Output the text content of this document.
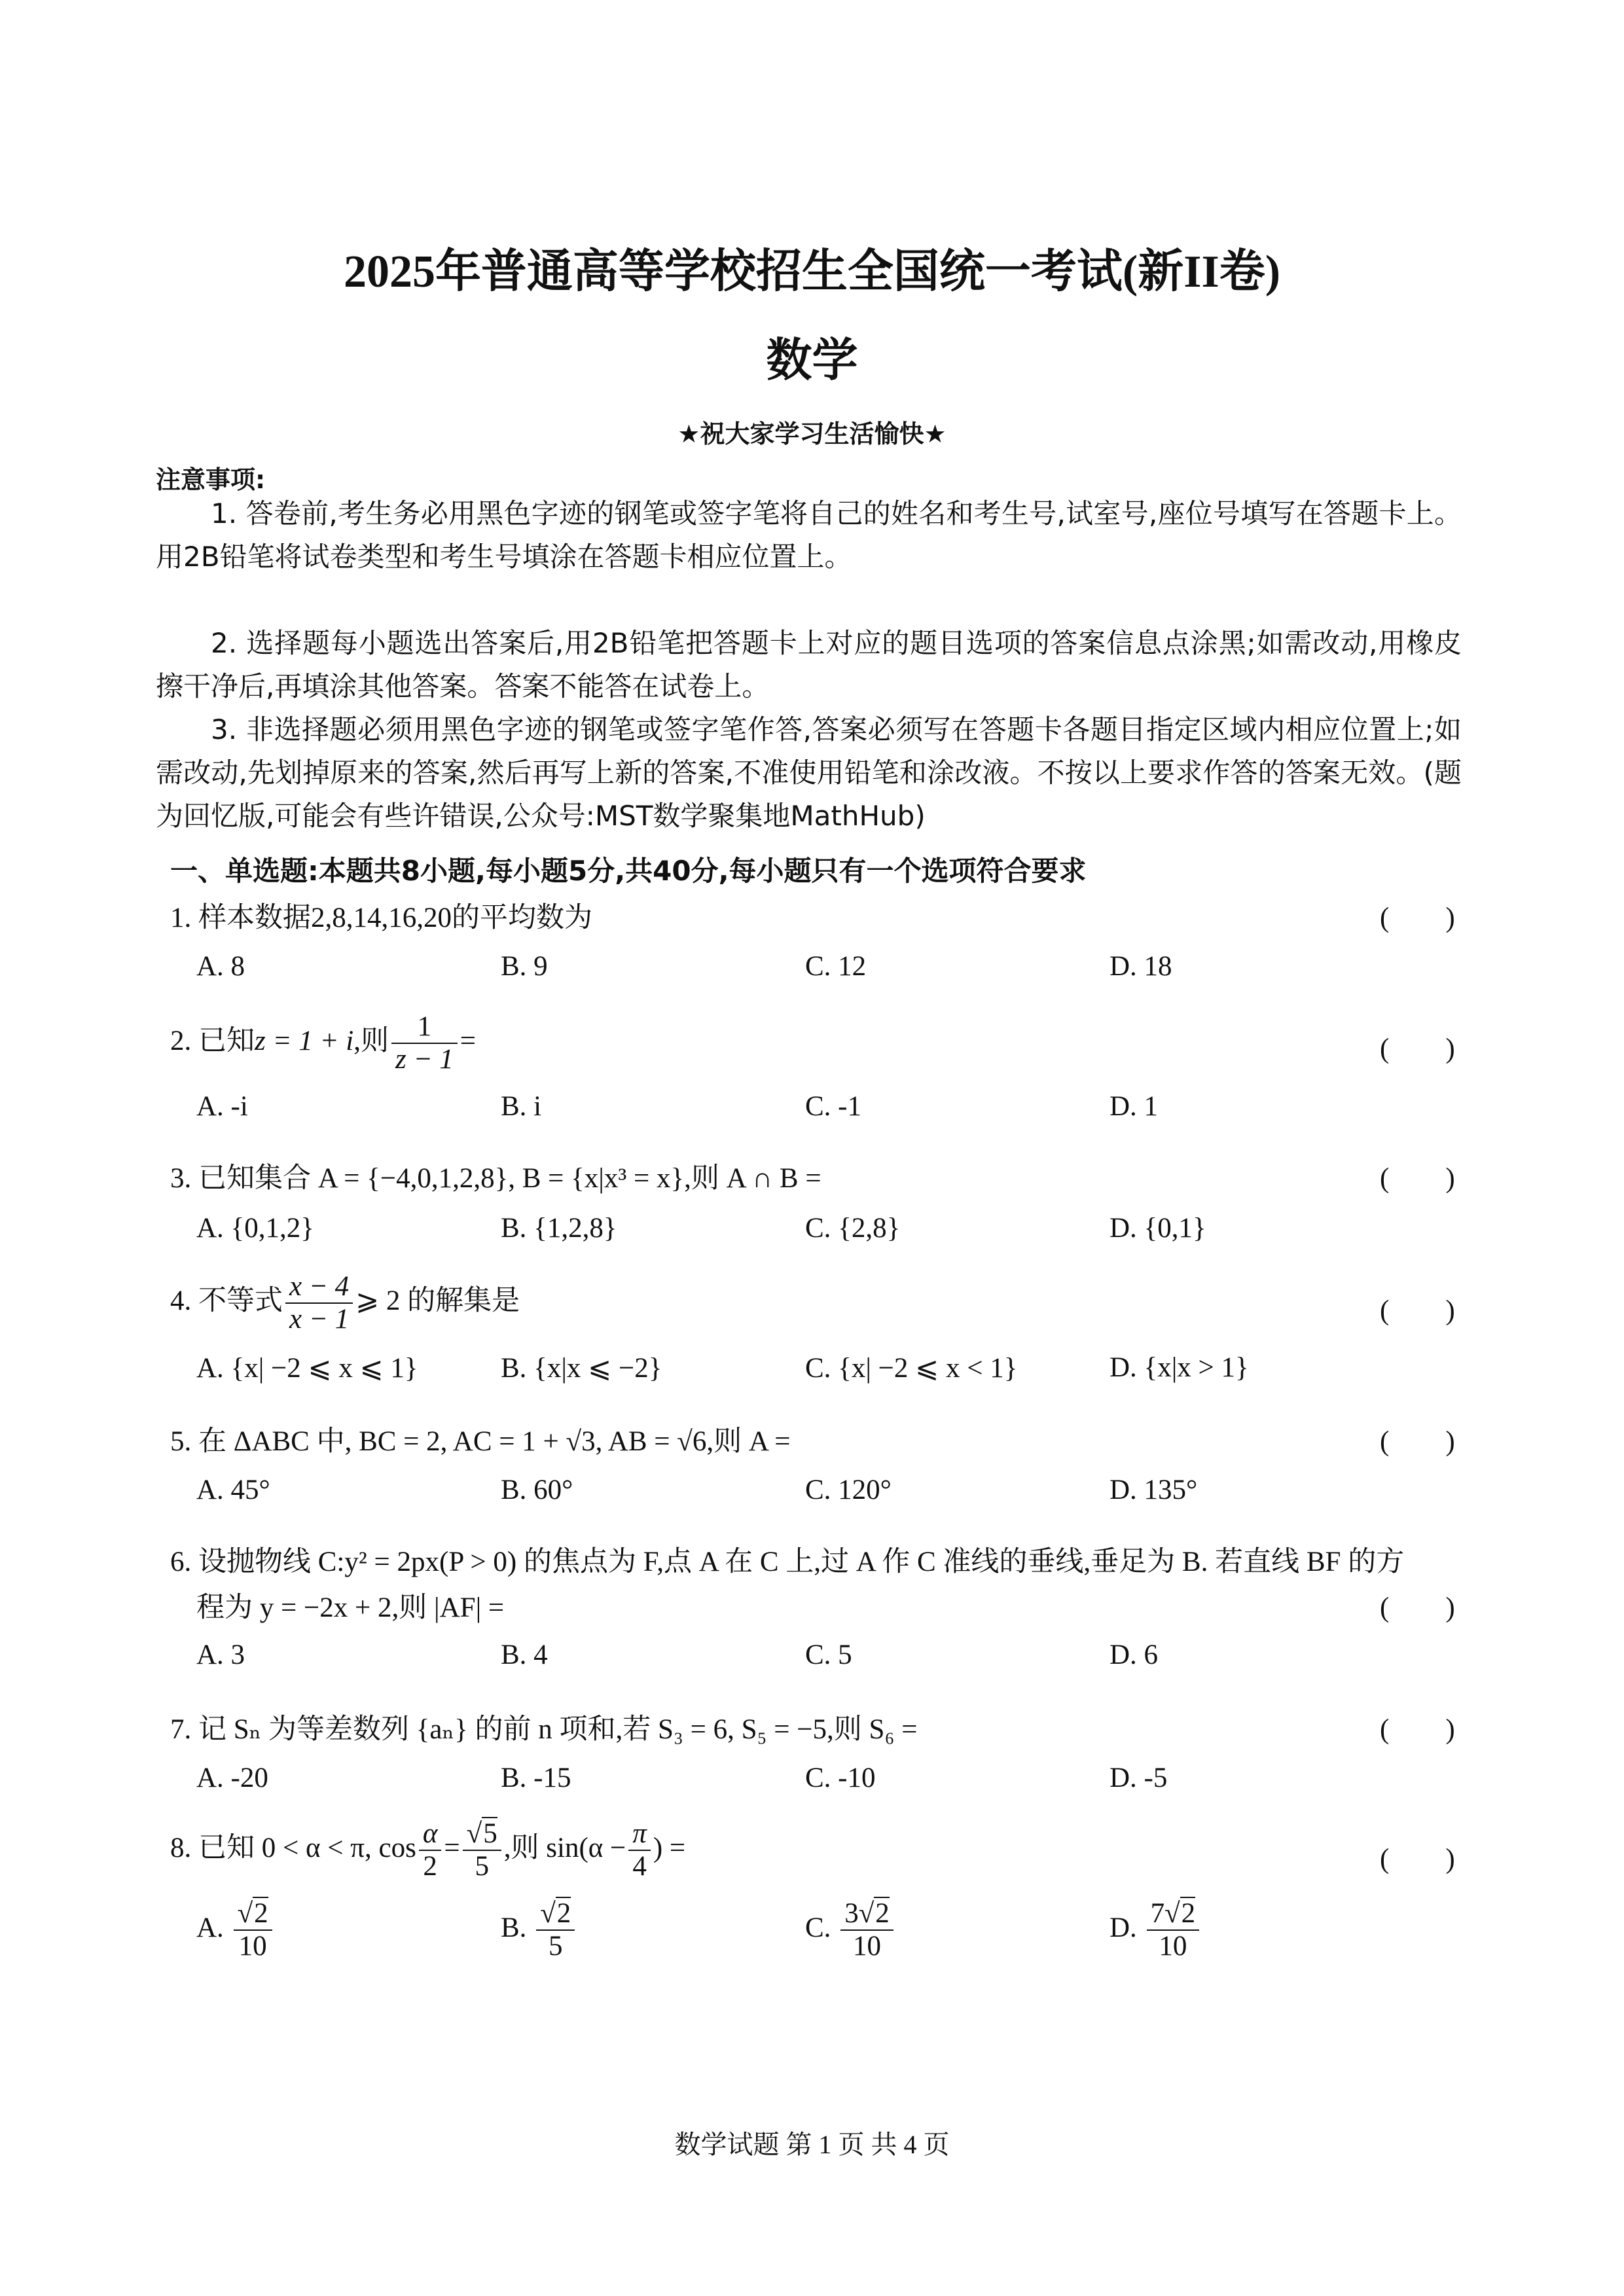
2025年普通高等学校招生全国统一考试(新II卷)
数学
★祝大家学习生活愉快★
注意事项:
1. 答卷前,考生务必用黑色字迹的钢笔或签字笔将自己的姓名和考生号,试室号,座位号填写在答题卡上。用2B铅笔将试卷类型和考生号填涂在答题卡相应位置上。
2. 选择题每小题选出答案后,用2B铅笔把答题卡上对应的题目选项的答案信息点涂黑;如需改动,用橡皮擦干净后,再填涂其他答案。答案不能答在试卷上。
3. 非选择题必须用黑色字迹的钢笔或签字笔作答,答案必须写在答题卡各题目指定区域内相应位置上;如需改动,先划掉原来的答案,然后再写上新的答案,不准使用铅笔和涂改液。不按以上要求作答的答案无效。(题为回忆版,可能会有些许错误,公众号:MST数学聚集地MathHub)
一、单选题:本题共8小题,每小题5分,共40分,每小题只有一个选项符合要求
1. 样本数据2,8,14,16,20的平均数为	(　　)
A. 8	B. 9	C. 12	D. 18
2. 已知z = 1 + i,则 $\frac{1}{z - 1}$ =	(　　)
A. -i	B. i	C. -1	D. 1
3. 已知集合 A = {−4,0,1,2,8}, B = {x|x³ = x},则 A ∩ B =	(　　)
A. {0,1,2}	B. {1,2,8}	C. {2,8}	D. {0,1}
4. 不等式 $\frac{x - 4}{x - 1}$ ⩾ 2 的解集是	(　　)
A. {x| −2 ⩽ x ⩽ 1}	B. {x|x ⩽ −2}	C. {x| −2 ⩽ x < 1}	D. {x|x > 1}
5. 在 ΔABC 中, BC = 2, AC = 1 + √3, AB = √6,则 A =	(　　)
A. 45°	B. 60°	C. 120°	D. 135°
6. 设抛物线 C:y² = 2px(P > 0) 的焦点为 F,点 A 在 C 上,过 A 作 C 准线的垂线,垂足为 B. 若直线 BF 的方
程为 y = −2x + 2,则 |AF| =	(　　)
A. 3	B. 4	C. 5	D. 6
7. 记 Sₙ 为等差数列 {aₙ} 的前 n 项和,若 S₃ = 6, S₅ = −5,则 S₆ =	(　　)
A. -20	B. -15	C. -10	D. -5
8. 已知 0 < α < π, $\cos \frac{\alpha}{2} = \frac{√5}{5}$ ,则 $\sin(\alpha - \frac{\pi}{4}$ ) =	(　　)
A. $\frac{√2}{10}$	B. $\frac{√2}{5}$	C. $\frac{3√2}{10}$	D. $\frac{7√2}{10}$
数学试题 第 1 页 共 4 页
